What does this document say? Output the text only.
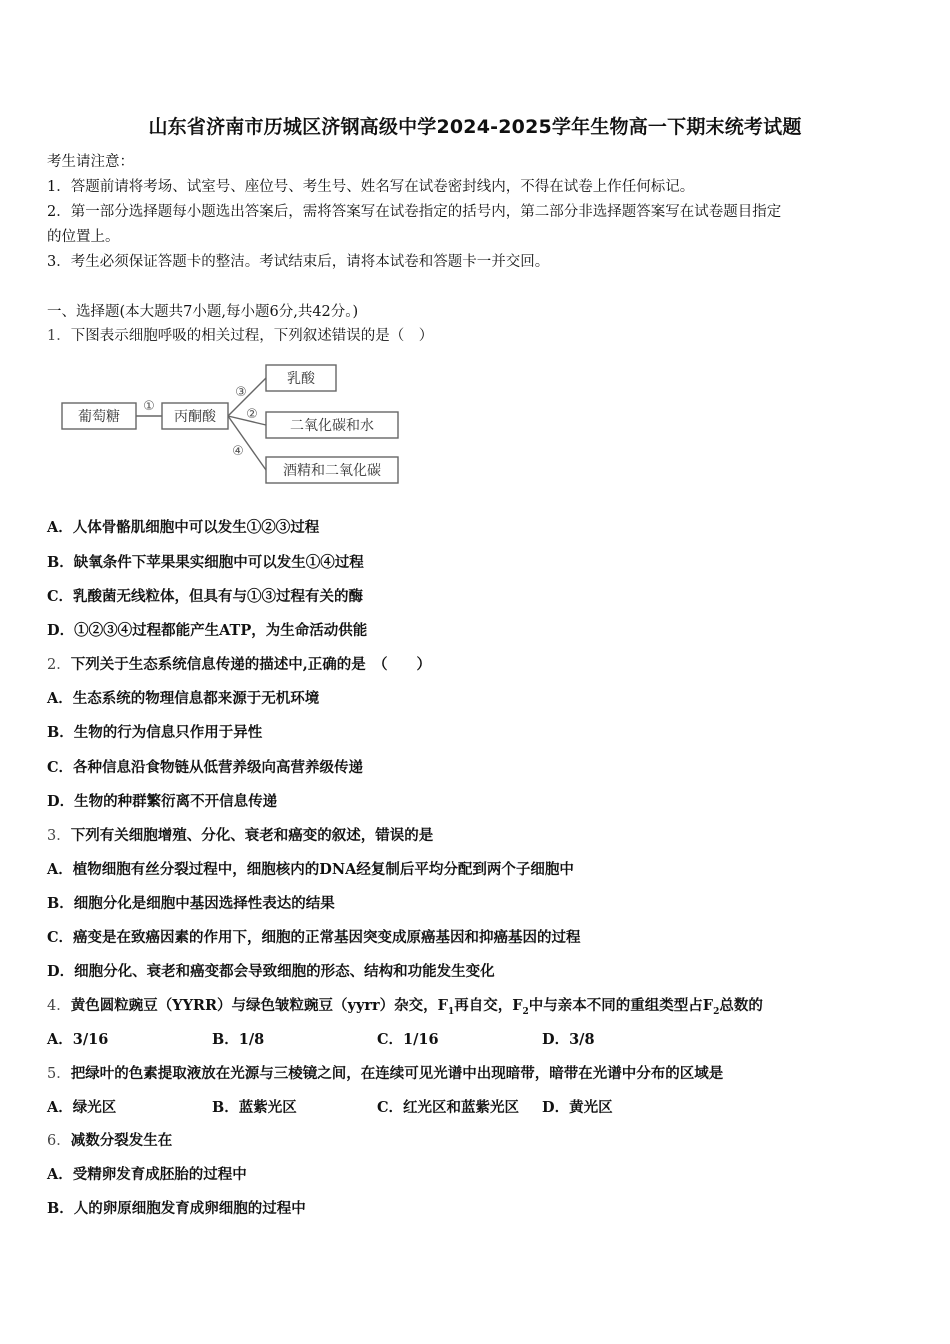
山东省济南市历城区济钢高级中学2024-2025学年生物高一下期末统考试题
考生请注意：
1．答题前请将考场、试室号、座位号、考生号、姓名写在试卷密封线内，不得在试卷上作任何标记。
2．第一部分选择题每小题选出答案后，需将答案写在试卷指定的括号内，第二部分非选择题答案写在试卷题目指定
的位置上。
3．考生必须保证答题卡的整洁。考试结束后，请将本试卷和答题卡一并交回。
一、选择题(本大题共7小题,每小题6分,共42分。)
1．下图表示细胞呼吸的相关过程，下列叙述错误的是（　）
葡萄糖	丙酮酸
乳酸
二氧化碳和水
酒精和二氧化碳
①
③
②
④
A．人体骨骼肌细胞中可以发生①②③过程
B．缺氧条件下苹果果实细胞中可以发生①④过程
C．乳酸菌无线粒体，但具有与①③过程有关的酶
D．①②③④过程都能产生ATP，为生命活动供能
2．下列关于生态系统信息传递的描述中,正确的是　（　　）
A．生态系统的物理信息都来源于无机环境
B．生物的行为信息只作用于异性
C．各种信息沿食物链从低营养级向高营养级传递
D．生物的种群繁衍离不开信息传递
3．下列有关细胞增殖、分化、衰老和癌变的叙述，错误的是
A．植物细胞有丝分裂过程中，细胞核内的DNA经复制后平均分配到两个子细胞中
B．细胞分化是细胞中基因选择性表达的结果
C．癌变是在致癌因素的作用下，细胞的正常基因突变成原癌基因和抑癌基因的过程
D．细胞分化、衰老和癌变都会导致细胞的形态、结构和功能发生变化
4．黄色圆粒豌豆（YYRR）与绿色皱粒豌豆（yyrr）杂交，$F_1$再自交，$F_2$中与亲本不同的重组类型占$F_2$总数的
A．3/16	B．1/8	C．1/16	D．3/8
5．把绿叶的色素提取液放在光源与三棱镜之间，在连续可见光谱中出现暗带，暗带在光谱中分布的区域是
A．绿光区	B．蓝紫光区	C．红光区和蓝紫光区 D．黄光区
6．减数分裂发生在
A．受精卵发育成胚胎的过程中
B．人的卵原细胞发育成卵细胞的过程中
